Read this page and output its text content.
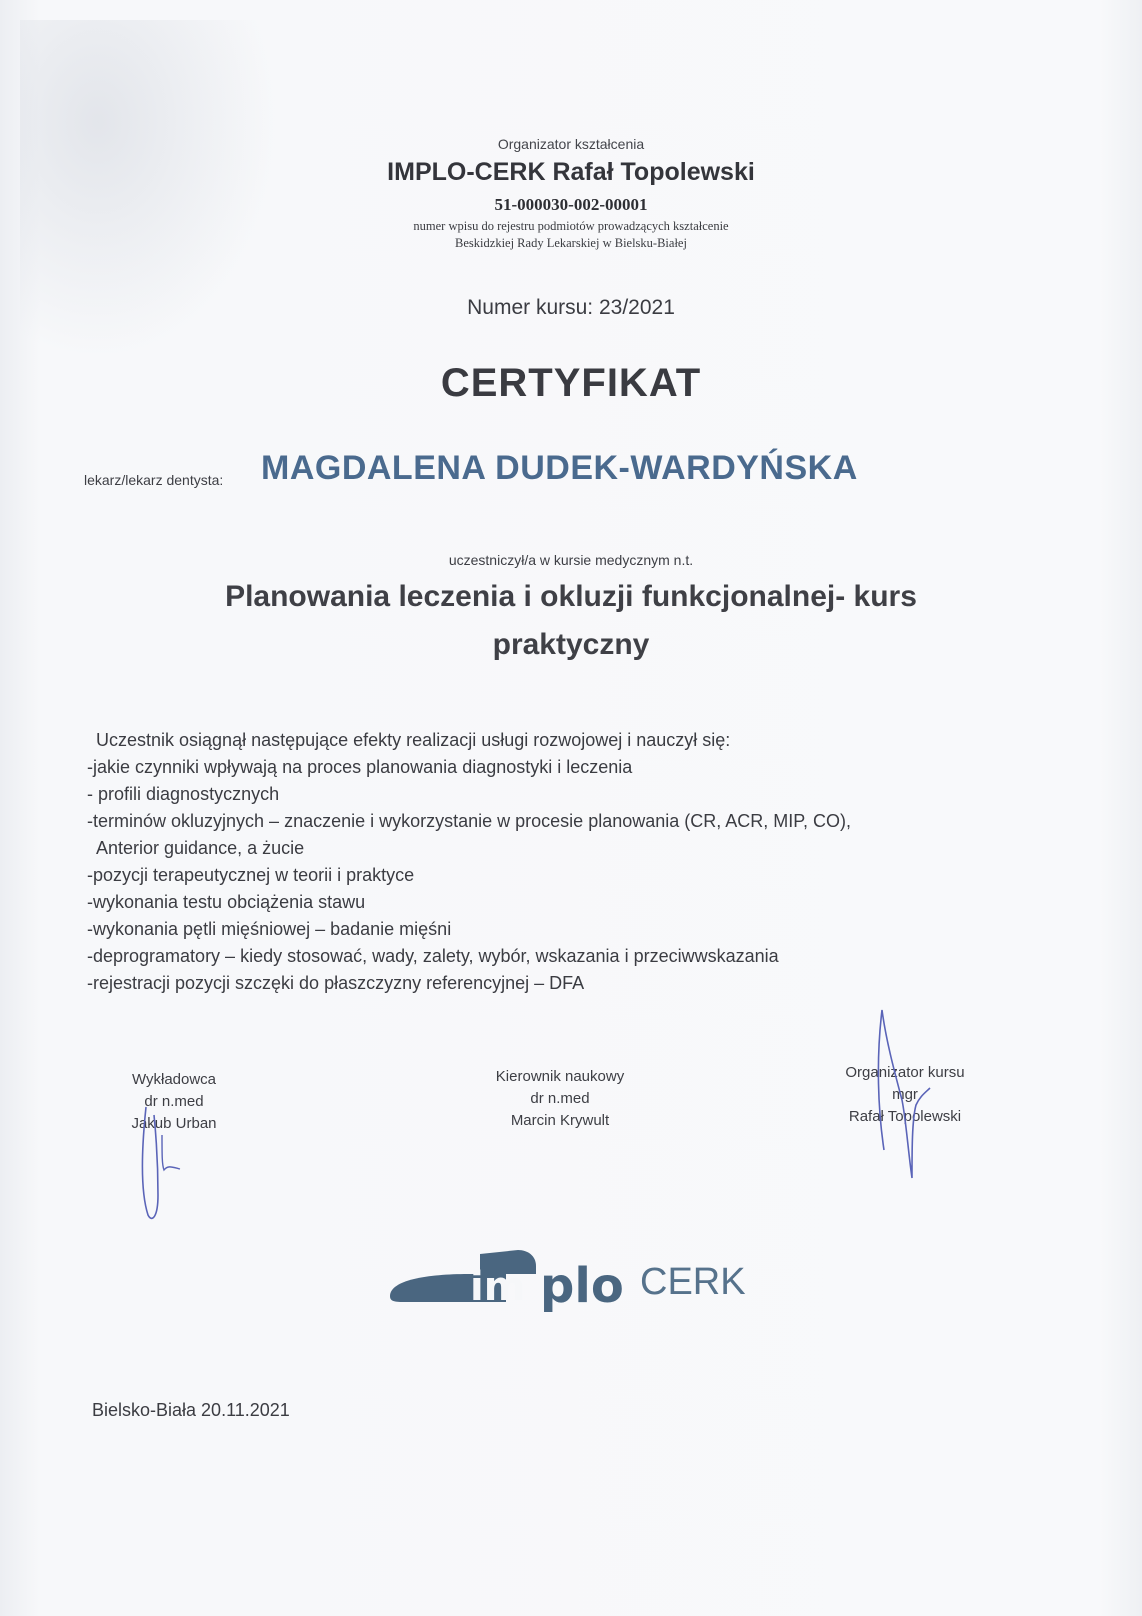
Organizator kształcenia
IMPLO-CERK Rafał Topolewski
51-000030-002-00001
numer wpisu do rejestru podmiotów prowadzących kształcenie
Beskidzkiej Rady Lekarskiej w Bielsku-Białej
Numer kursu: 23/2021
CERTYFIKAT
lekarz/lekarz dentysta: MAGDALENA DUDEK-WARDYŃSKA
uczestniczył/a w kursie medycznym n.t.
Planowania leczenia i okluzji funkcjonalnej- kurs
praktyczny
Uczestnik osiągnął następujące efekty realizacji usługi rozwojowej i nauczył się:
-jakie czynniki wpływają na proces planowania diagnostyki i leczenia
- profili diagnostycznych
-terminów okluzyjnych – znaczenie i wykorzystanie w procesie planowania (CR, ACR, MIP, CO),
Anterior guidance, a żucie
-pozycji terapeutycznej w teorii i praktyce
-wykonania testu obciążenia stawu
-wykonania pętli mięśniowej – badanie mięśni
-deprogramatory – kiedy stosować, wady, zalety, wybór, wskazania i przeciwwskazania
-rejestracji pozycji szczęki do płaszczyzny referencyjnej – DFA
Wykładowca
dr n.med
Jakub Urban
Kierownik naukowy
dr n.med
Marcin Krywult
Organizator kursu
mgr
Rafał Topolewski
im plo CERK
Bielsko-Biała 20.11.2021
